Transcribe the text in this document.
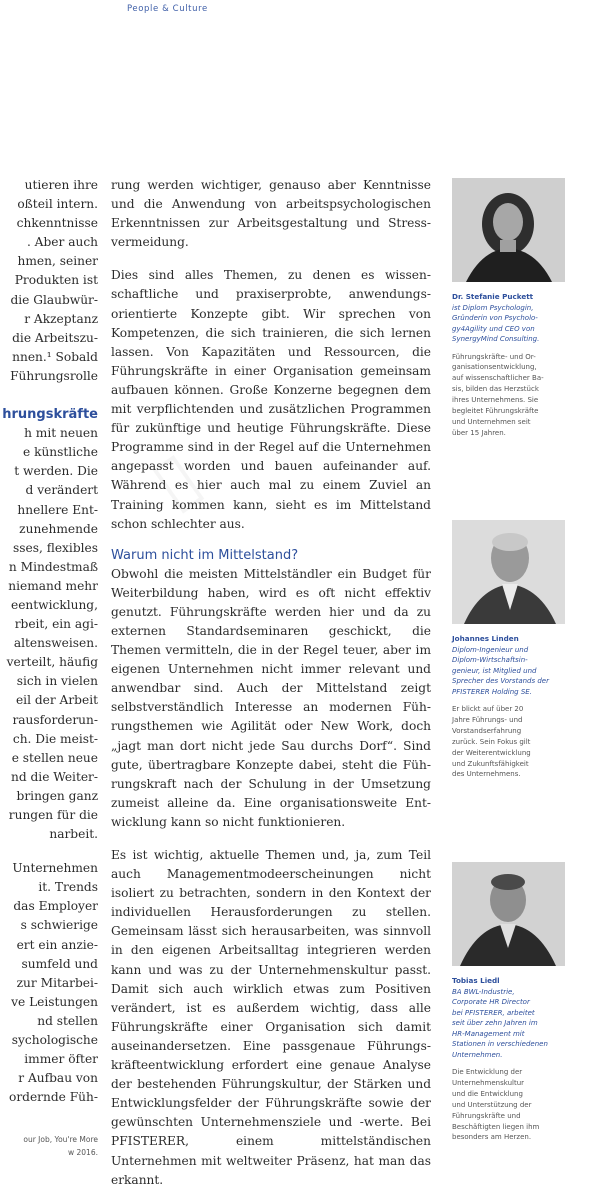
People & Culture
utieren ihre
oßteil intern.
chkenntnisse
. Aber auch
hmen, seiner
Produkten ist
die Glaubwür-
r Akzeptanz
die Arbeitszu-
nnen.¹ Sobald
Führungsrolle
hrungskräfte
h mit neuen
e künstliche
t werden. Die
d verändert
hnellere Ent-
zunehmende
sses, flexibles
n Mindestmaß
niemand mehr
eentwicklung,
rbeit, ein agi-
altensweisen.
verteilt, häufig
sich in vielen
eil der Arbeit
rausforderun-
ch. Die meist-
e stellen neue
nd die Weiter-
bringen ganz
rungen für die
narbeit.
Unternehmen
it. Trends
das Employer
s schwierige
ert ein anzie-
sumfeld und
zur Mitarbei-
ve Leistungen
nd stellen
sychologische
immer öfter
r Aufbau von
ordernde Füh-
our Job, You're More
w 2016.

rung werden wichtiger, genauso aber Kenntnisse und die Anwendung von arbeitspsychologischen Erkenntnissen zur Arbeitsgestaltung und Stressvermeidung.

Dies sind alles Themen, zu denen es wissenschaftliche und praxiserprobte, anwendungsorientierte Konzepte gibt. Wir sprechen von Kompetenzen, die sich trainieren, die sich lernen lassen. Von Kapazitäten und Ressourcen, die Führungskräfte in einer Organisation gemeinsam aufbauen können. Große Konzerne begegnen dem mit verpflichtenden und zusätzlichen Programmen für zukünftige und heutige Führungskräfte. Diese Programme sind in der Regel auf die Unternehmen angepasst worden und bauen aufeinander auf. Während es hier auch mal zu einem Zuviel an Training kommen kann, sieht es im Mittelstand schon schlechter aus.

Warum nicht im Mittelstand?

Obwohl die meisten Mittelständler ein Budget für Weiterbildung haben, wird es oft nicht effektiv genutzt. Führungskräfte werden hier und da zu externen Standardseminaren geschickt, die Themen vermitteln, die in der Regel teuer, aber im eigenen Unternehmen nicht immer relevant und anwendbar sind. Auch der Mittelstand zeigt selbstverständlich Interesse an modernen Führungsthemen wie Agilität oder New Work, doch „jagt man dort nicht jede Sau durchs Dorf“. Sind gute, übertragbare Konzepte dabei, steht die Führungskraft nach der Schulung in der Umsetzung zumeist alleine da. Eine organisationsweite Entwicklung kann so nicht funktionieren.

Es ist wichtig, aktuelle Themen und, ja, zum Teil auch Managementmodeerscheinungen nicht isoliert zu betrachten, sondern in den Kontext der individuellen Herausforderungen zu stellen. Gemeinsam lässt sich herausarbeiten, was sinnvoll in den eigenen Arbeitsalltag integrieren werden kann und was zu der Unternehmenskultur passt. Damit sich auch wirklich etwas zum Positiven verändert, ist es außerdem wichtig, dass alle Führungskräfte einer Organisation sich damit auseinandersetzen. Eine passgenaue Führungskräfteentwicklung erfordert eine genaue Analyse der bestehenden Führungskultur, der Stärken und Entwicklungsfelder der Führungskräfte sowie der gewünschten Unternehmensziele und -werte. Bei PFISTERER, einem mittelständischen Unternehmen mit weltweiter Präsenz, hat man das erkannt.

Dr. Stefanie Puckett
ist Diplom Psychologin,
Gründerin von Psycholo-
gy4Agility und CEO von
SynergyMind Consulting.
Führungskräfte- und Or-
ganisationsentwicklung,
auf wissenschaftlicher Ba-
sis, bilden das Herzstück
ihres Unternehmens. Sie
begleitet Führungskräfte
und Unternehmen seit
über 15 Jahren.
Johannes Linden
Diplom-Ingenieur und
Diplom-Wirtschaftsin-
genieur, ist Mitglied und
Sprecher des Vorstands der
PFISTERER Holding SE.
Er blickt auf über 20
Jahre Führungs- und
Vorstandserfahrung
zurück. Sein Fokus gilt
der Weiterentwicklung
und Zukunftsfähigkeit
des Unternehmens.
Tobias Liedl
BA BWL-Industrie,
Corporate HR Director
bei PFISTERER, arbeitet
seit über zehn Jahren im
HR-Management mit
Stationen in verschiedenen
Unternehmen.
Die Entwicklung der
Unternehmenskultur
und die Entwicklung
und Unterstützung der
Führungskräfte und
Beschäftigten liegen ihm
besonders am Herzen.
